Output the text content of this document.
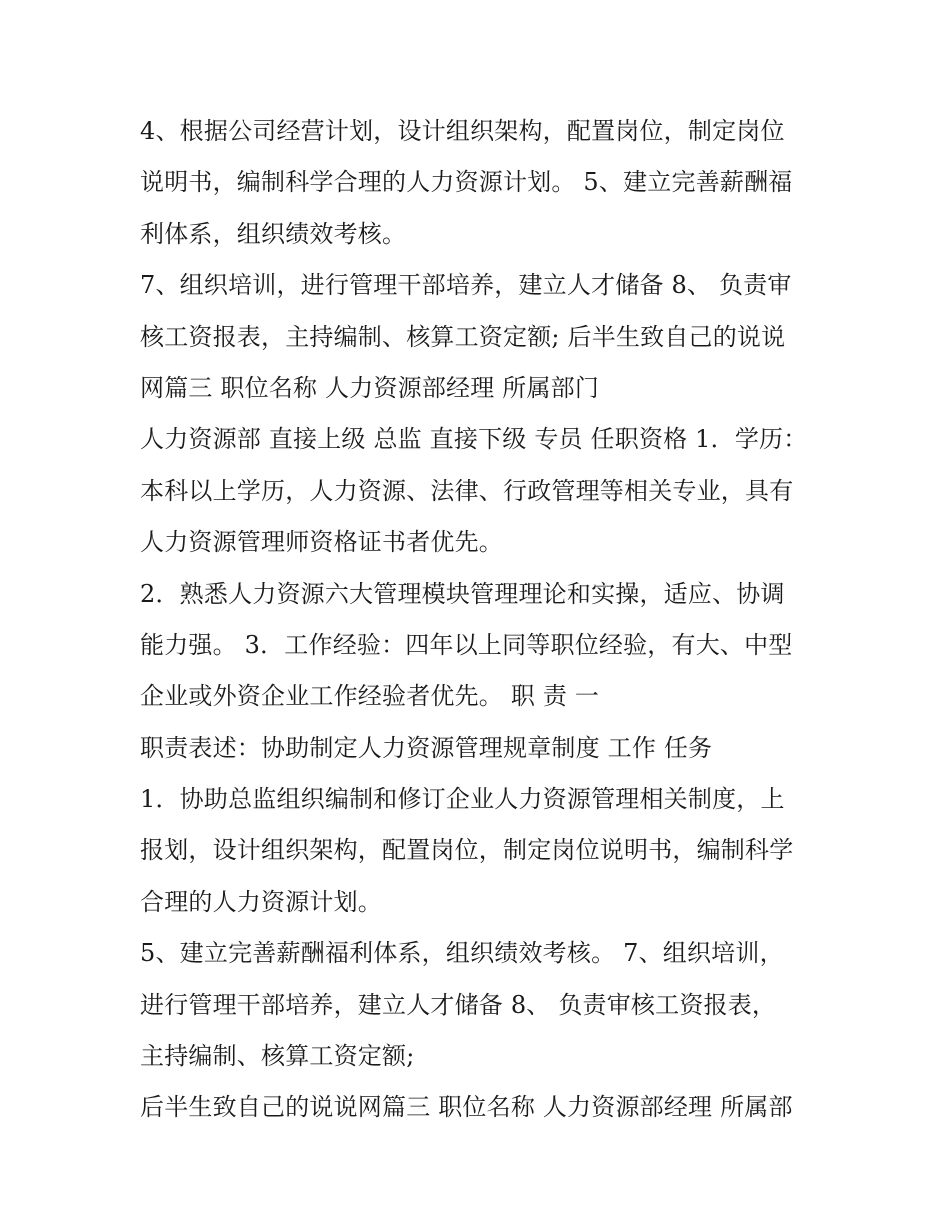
4、根据公司经营计划，设计组织架构，配置岗位，制定岗位
说明书，编制科学合理的人力资源计划。 5、建立完善薪酬福
利体系，组织绩效考核。
7、组织培训，进行管理干部培养，建立人才储备 8、 负责审
核工资报表，主持编制、核算工资定额; 后半生致自己的说说
网篇三 职位名称 人力资源部经理 所属部门
人力资源部 直接上级 总监 直接下级 专员 任职资格 1．学历：
本科以上学历，人力资源、法律、行政管理等相关专业，具有
人力资源管理师资格证书者优先。
2．熟悉人力资源六大管理模块管理理论和实操，适应、协调
能力强。 3．工作经验：四年以上同等职位经验，有大、中型
企业或外资企业工作经验者优先。 职 责 一
职责表述：协助制定人力资源管理规章制度 工作 任务
1．协助总监组织编制和修订企业人力资源管理相关制度，上
报划，设计组织架构，配置岗位，制定岗位说明书，编制科学
合理的人力资源计划。
5、建立完善薪酬福利体系，组织绩效考核。 7、组织培训，
进行管理干部培养，建立人才储备 8、 负责审核工资报表，
主持编制、核算工资定额;
后半生致自己的说说网篇三 职位名称 人力资源部经理 所属部
